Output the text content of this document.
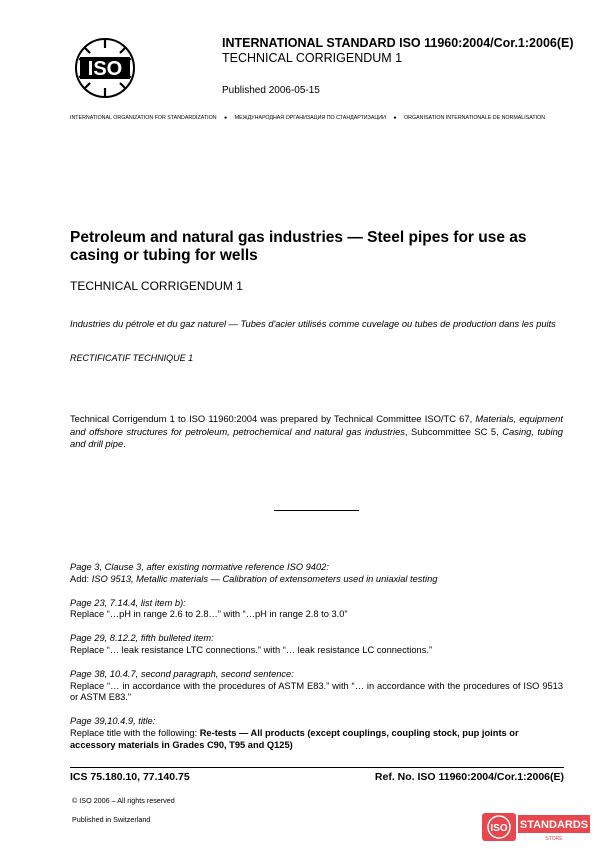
ISO
INTERNATIONAL STANDARD ISO 11960:2004/Cor.1:2006(E)
TECHNICAL CORRIGENDUM 1
Published 2006-05-15
INTERNATIONAL ORGANIZATION FOR STANDARDIZATION ● МЕЖДУНАРОДНАЯ ОРГАНИЗАЦИЯ ПО СТАНДАРТИЗАЦИИ ● ORGANISATION INTERNATIONALE DE NORMALISATION
Petroleum and natural gas industries — Steel pipes for use as casing or tubing for wells
TECHNICAL CORRIGENDUM 1
Industries du pétrole et du gaz naturel — Tubes d'acier utilisés comme cuvelage ou tubes de production dans les puits
RECTIFICATIF TECHNIQUE 1
Technical Corrigendum 1 to ISO 11960:2004 was prepared by Technical Committee ISO/TC 67, Materials, equipment and offshore structures for petroleum, petrochemical and natural gas industries, Subcommittee SC 5, Casing, tubing and drill pipe.

Page 3, Clause 3, after existing normative reference ISO 9402:

Add: ISO 9513, Metallic materials — Calibration of extensometers used in uniaxial testing

Page 23, 7.14.4, list item b):

Replace “…pH in range 2.6 to 2.8…” with “…pH in range 2.8 to 3.0”

Page 29, 8.12.2, fifth bulleted item:

Replace “… leak resistance LTC connections.” with “… leak resistance LC connections.”

Page 38, 10.4.7, second paragraph, second sentence:

Replace “… in accordance with the procedures of ASTM E83.” with “… in accordance with the procedures of ISO 9513 or ASTM E83.”

Page 39,10.4.9, title:

Replace title with the following: Re-tests — All products (except couplings, coupling stock, pup joints or accessory materials in Grades C90, T95 and Q125)

ICS 75.180.10, 77.140.75	Ref. No. ISO 11960:2004/Cor.1:2006(E)
© ISO 2006 – All rights reserved
Published in Switzerland
ISO STANDARDS
STORE
